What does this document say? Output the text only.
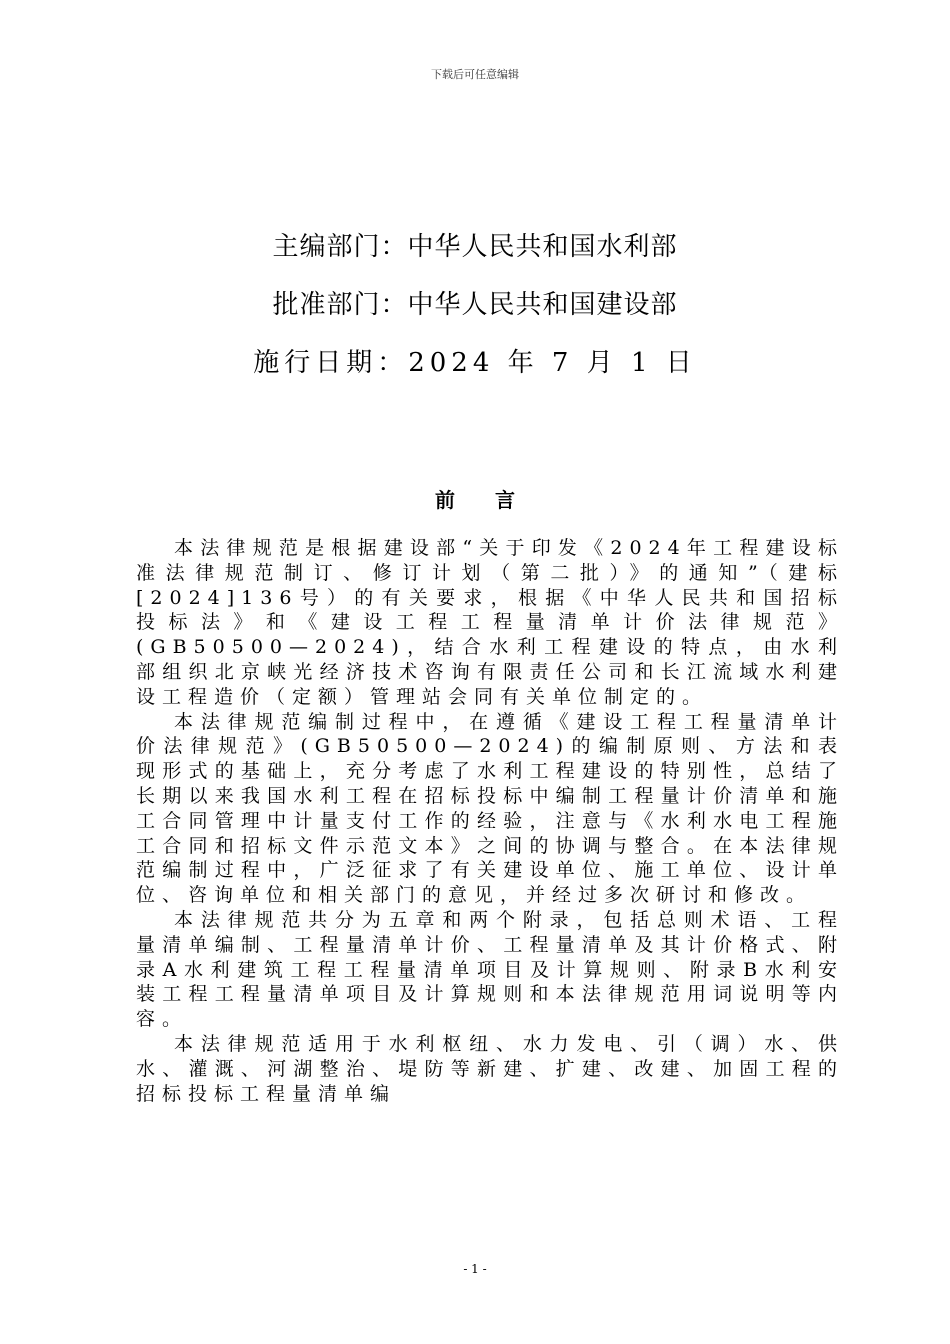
下载后可任意编辑
主编部门：中华人民共和国水利部
批准部门：中华人民共和国建设部
施行日期：2024 年 7 月 1 日
前言

本法律规范是根据建设部“关于印发《2024年工程建设标准法律规范制订、修订计划（第二批）》的通知”（建标[2024]136号）的有关要求，根据《中华人民共和国招标投标法》和《建设工程工程量清单计价法律规范》(GB50500—2024)，结合水利工程建设的特点，由水利部组织北京峡光经济技术咨询有限责任公司和长江流域水利建设工程造价（定额）管理站会同有关单位制定的。

本法律规范编制过程中，在遵循《建设工程工程量清单计价法律规范》(GB50500—2024)的编制原则、方法和表现形式的基础上，充分考虑了水利工程建设的特别性，总结了长期以来我国水利工程在招标投标中编制工程量计价清单和施工合同管理中计量支付工作的经验，注意与《水利水电工程施工合同和招标文件示范文本》之间的协调与整合。在本法律规范编制过程中，广泛征求了有关建设单位、施工单位、设计单位、咨询单位和相关部门的意见，并经过多次研讨和修改。

本法律规范共分为五章和两个附录，包括总则术语、工程量清单编制、工程量清单计价、工程量清单及其计价格式、附录A水利建筑工程工程量清单项目及计算规则、附录B水利安装工程工程量清单项目及计算规则和本法律规范用词说明等内容。

本法律规范适用于水利枢纽、水力发电、引（调）水、供水、灌溉、河湖整治、堤防等新建、扩建、改建、加固工程的招标投标工程量清单编

- 1 -
